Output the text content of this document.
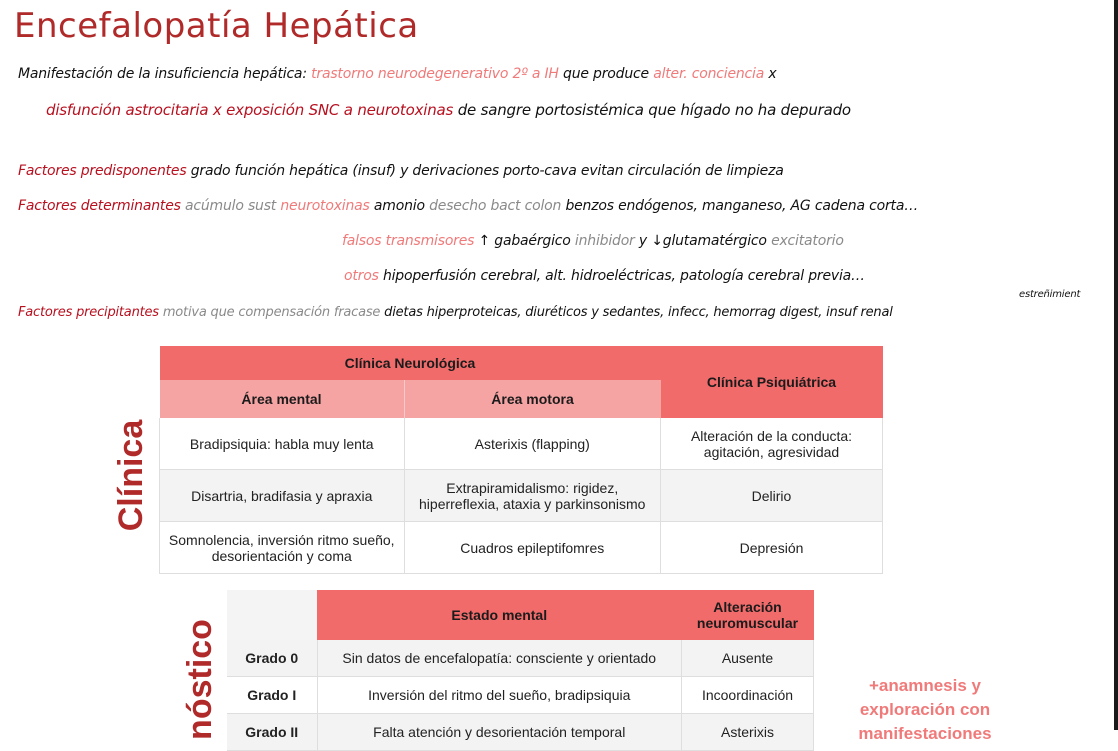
Encefalopatía Hepática
Manifestación de la insuficiencia hepática: trastorno neurodegenerativo 2º a IH que produce alter. conciencia x
disfunción astrocitaria x exposición SNC a neurotoxinas de sangre portosistémica que hígado no ha depurado
Factores predisponentes grado función hepática (insuf) y derivaciones porto-cava evitan circulación de limpieza
Factores determinantes acúmulo sust neurotoxinas amonio desecho bact colon benzos endógenos, manganeso, AG cadena corta…
falsos transmisores ↑ gabaérgico inhibidor y ↓glutamatérgico excitatorio
otros hipoperfusión cerebral, alt. hidroeléctricas, patología cerebral previa…
estreñimient
Factores precipitantes motiva que compensación fracase dietas hiperproteicas, diuréticos y sedantes, infecc, hemorrag digest, insuf renal
Clínica
Clínica Neurológica		Clínica Psiquiátrica
Área mental	Área motora	
Bradipsiquia: habla muy lenta	Asterixis (flapping)	Alteración de la conducta: agitación, agresividad
Disartria, bradifasia y apraxia	Extrapiramidalismo: rigidez, hiperreflexia, ataxia y parkinsonismo	Delirio
Somnolencia, inversión ritmo sueño, desorientación y coma	Cuadros epileptifomres	Depresión
nóstico
	Estado mental	Alteración neuromuscular
Grado 0	Sin datos de encefalopatía: consciente y orientado	Ausente
Grado I	Inversión del ritmo del sueño, bradipsiquia	Incoordinación
Grado II	Falta atención y desorientación temporal	Asterixis
+anamnesis y exploración con manifestaciones
